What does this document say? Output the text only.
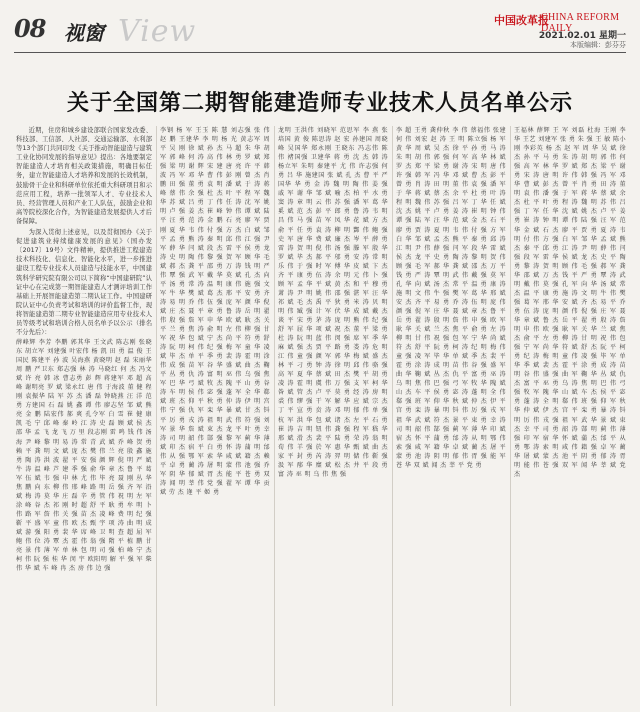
08 视窗 View	中国改革报
CHINA REFORM DAILY
2021.02.01 星期一
本版编辑：彭芬芬
关于全国第二期智能建造师专业技术人员名单公示

近期，住房和城乡建设部联合国家发改委、科技部、工信部、人社部、交通运输部、水利部等13个部门共同印发《关于推动智能建造与建筑工业化协同发展的指导意见》提出：各地要制定智能建造人才培育相关政策措施，明确目标任务，建立智能建造人才培养和发展的长效机制，鼓励骨干企业和科研单位依托重大科研项目和示范应用工程，培养一批领军人才、专业技术人员、经营管理人员和产业工人队伍，鼓励企业和高等院校深化合作，为智能建造发展提供人才后备保障。

为深入贯彻上述意见，以及贯彻国办《关于促进建筑业持续健康发展的意见》（国办发〔2017〕19号）文件精神，提供推进工程建造技术科技化、信息化、智能化水平，进一步推进建设工程专业技术人员建造与技能水平，中国建筑科学研究院有限公司以下简称“中国建研院”认证中心在完成第一期智能建造人才测评培训工作基础上开展智能建造第二期认证工作。中国建研院认证中心负责考试和培训的评价监督工作，现将智能建造第二期专业智能建造应用专业技术人员等级考试和培训合格人员名单予以公示（排名不分先后）：

薛峰辉 李芳 李鹏 郭其华 王文武 陈志刚 张晓东 胡立军 刘建强 叶宏伟 杨 凯 田 勇 温 俊 王国民 陈建平 孙 波 吴海燕 黄晓明 赵 磊 宋丽华 周 鹏 严卫东 郑志强 林 涛 马晓红 何 杰 冯文斌 许 亮 韩 冰 曹志勇 彭 辉 蒋建军 邓 超 高 峰 谢明亮 罗 斌 梁永红 唐 伟 于海波 董 健 程 刚 袁振华 陆 军 苏 杰 潘 磊 钟晓燕 汪 洋 范 勇 方建国 石 磊 姚 鑫 谭 伟 廖志坚 邹 斌 熊 亮 金 鹏 陆宏伟 郝 爽 孔令军 白 雪 崔 健 康 凯 毛 宁 邱 峰 秦 岭 江 涛 史 磊 顾 斌 侯 杰 邵 华 孟 飞 龙 飞 万 里 段志刚 雷 鸣 钱 伟 汤 海 尹 峰 黎 明 易 涛 常 青 武 斌 乔 峰 贺 勇 赖 平 龚 明 文 斌 庞 杰 樊 伟 兰 亮 殷 鑫 施 勇 陶 涛 洪 波 翟 平 安 强 颜 辉 倪 明 严 斌 牛 涛 温 峰 芦 建 季 强 俞 华 章 杰 鲁 平 葛 军 伍 斌 韦 强 申 林 尤 伟 毕 亮 聂 刚 丛 华 焦 鹏 向 东 柳 伟 邢 峰 路 明 岳 强 齐 军 沿 斌 梅 涛 莫 华 庄 磊 辛 勇 管 伟 祝 明 左 军 涂 峰 谷 杰 祁 刚 时 超 舒 平 耿 勇 牟 明 卜 伟 路 军 詹 伟 关 强 苗 杰 凌 峰 费 明 纪 强 靳 平 盛 军 童 伟 欧 杰 甄 宇 项 涛 曲 明 成 斌 游 强 阳 勇 裴 华 席 峰 卫 明 查 超 屈 军 鲍 伟 位 涛 覃 杰 霍 伟 翁 强 隋 平 植 鹏 甘 亮 景 伟 薄 军 单 林 包 明 司 强 柏 峰 宁 杰 柯 伟 阮 强 桂 华 闵 宇 欧阳明 解 平 强 军 柴 伟 华 斌 车 峰 冉 杰 房 伟 边 强
李钢 杨 军 王玉 陈 慧 刘志强 张 伟 赵 鹏 王建华 李 明 杨 光 黄志军 周 平 吴 刚 徐 斌 孙 杰 马 超 朱 华 胡 军 郭 峰 何 涛 高 伟 林 勇 罗 斌 郑 强 梁 明 谢 辉 宋 建 唐 亮 许 平 韩 波 冯 军 邓 华 曹 伟 彭 刚 曾 杰 肖 鹏 田 强 董 勇 袁 明 潘 斌 于 涛 蒋 峰 蔡 伟 余 强 杜 杰 叶 平 程 军 魏 华 苏 斌 吕 勇 丁 伟 任 涛 沈 军 姚 明 卢 强 姜 杰 崔 峰 钟 伟 谭 斌 陆 平 汪 勇 范 涛 金 鹏 石 亮 廖 军 贾 刚 夏 华 韦 伟 付 强 方 杰 白 斌 邹 平 孟 勇 熊 涛 秦 明 邱 伟 江 强 尹 军 薛 华 闫 斌 段 杰 雷 平 侯 勇 龙 涛 史 明 陶 伟 黎 强 贺 军 顾 华 毛 斌 郝 杰 龚 平 邵 勇 万 涛 钱 明 严 伟 覃 强 武 军 戴 华 莫 斌 孔 杰 向 平 汤 勇 常 涛 温 明 康 伟 施 强 文 军 牛 华 樊 斌 葛 杰 邢 平 安 勇 齐 涛 易 明 乔 伟 伍 强 庞 军 颜 华 倪 斌 庄 杰 聂 平 章 勇 鲁 涛 岳 明 翟 伟 殷 强 詹 军 申 华 欧 斌 耿 杰 关 平 兰 勇 焦 涛 俞 明 左 伟 柳 强 甘 军 祝 华 包 斌 宁 杰 尚 平 符 勇 舒 涛 阮 明 柯 伟 纪 强 梅 军 童 华 凌 斌 毕 杰 单 平 季 勇 裴 涛 霍 明 涂 伟 成 强 苗 军 谷 华 盛 斌 曲 杰 鞠 平 丛 勇 仇 涛 富 明 巫 伟 乌 强 焦 军 巴 华 弓 斌 牧 杰 隗 平 山 勇 谷 涛 车 明 侯 伟 宓 强 蓬 军 全 华 郗 斌 班 杰 仰 平 秋 勇 仲 涛 伊 明 宫 伟 宁 强 仇 军 栾 华 暴 斌 甘 杰 钭 平 厉 勇 戎 涛 祖 明 武 伟 符 强 刘 军 景 华 詹 斌 束 杰 龙 平 叶 勇 幸 涛 司 明 韶 伟 郜 强 黎 军 蓟 华 薄 斌 印 杰 宿 平 白 勇 怀 涛 蒲 明 邰 伟 从 强 鄂 军 索 华 咸 斌 籍 杰 赖 平 卓 勇 蔺 涛 屠 明 蒙 伟 池 强 乔 军 阴 华 郁 斌 胥 杰 能 平 苍 勇 双 涛 闻 明 莘 伟 党 强 翟 军 谭 华 贡 斌 劳 杰 逄 平 姬 勇
龙明 王洪伟 刘晓军 范思军 李 燕 张培国 黄 俊 陈思涛 赵 宏 孙建国 周晓峰 吴国华 郑永刚 王晓东 冯志伟 陈 伟 褚国强 卫建华 蒋 勇 沈 杰 韩 涛 杨立军 朱明 秦建平 尤 伟 许志强 何 勇 吕 华 施建国 张 斌 孔 杰 曹 平 严国华 华 勇 金 涛 魏 明 陶 伟 姜 强 戚 军 谢 华 邹 斌 喻 杰 柏 平 水 勇 窦 涛 章 明 云 伟 苏 强 潘 军 葛 华 奚 斌 范 杰 彭 平 郎 勇 鲁 涛 韦 明 昌 伟 马 强 苗 军 凤 华 花 斌 方 杰 俞 平 任 勇 袁 涛 柳 明 酆 伟 鲍 强 史 军 唐 华 费 斌 廉 杰 岑 平 薛 勇 雷 涛 贺 明 倪 伟 汤 强 滕 军 殷 华 罗 斌 毕 杰 郝 平 邬 勇 安 涛 常 明 乐 伟 于 强 时 军 傅 华 皮 斌 卞 杰 齐 平 康 勇 伍 涛 余 明 元 伟 卜 强 顾 军 孟 华 平 斌 黄 杰 和 平 穆 勇 萧 涛 尹 明 姚 伟 邵 强 湛 军 汪 华 祁 斌 毛 杰 禹 平 狄 勇 米 涛 贝 明 明 伟 臧 强 计 军 伏 华 成 斌 戴 杰 谈 平 宋 勇 茅 涛 庞 明 熊 伟 纪 强 舒 军 屈 华 项 斌 祝 杰 董 平 梁 勇 杜 涛 阮 明 蓝 伟 闵 强 席 军 季 华 麻 斌 强 杰 贾 平 路 勇 娄 涛 危 明 江 伟 童 强 颜 军 郭 华 梅 斌 盛 杰 林 平 刁 勇 钟 涛 徐 明 邱 伟 骆 强 高 军 夏 华 蔡 斌 田 杰 樊 平 胡 勇 凌 涛 霍 明 虞 伟 万 强 支 军 柯 华 昝 斌 管 杰 卢 平 莫 勇 经 涛 房 明 裘 伟 缪 强 干 军 解 华 应 斌 宗 杰 丁 平 宣 勇 贲 涛 邓 明 郁 伟 单 强 杭 军 洪 华 包 斌 诸 杰 左 平 石 勇 崔 涛 吉 明 钮 伟 龚 强 程 军 嵇 华 邢 斌 滑 杰 裴 平 陆 勇 荣 涛 翁 明 荀 伟 羊 强 於 军 惠 华 甄 斌 曲 杰 家 平 封 勇 芮 涛 羿 明 储 伟 靳 强 汲 军 邴 华 糜 斌 松 杰 井 平 段 勇 富 涛 巫 明 乌 伟 焦 强
李 超 王勇 龚仲秋 李 伟 蔡福伟 张建 何 伟 刘宏 赵 涛 王 明 陈立强 杨 军 黄 华 周 斌 吴 杰 徐 平 孙 勇 马 涛 朱 明 胡 伟 郭 强 何 军 高 华 林 斌 罗 杰 郑 平 梁 勇 谢 涛 宋 明 唐 伟 许 强 韩 军 冯 华 邓 斌 曹 杰 彭 平 曾 勇 肖 涛 田 明 董 伟 袁 强 潘 军 于 华 蒋 斌 蔡 杰 余 平 杜 勇 叶 涛 程 明 魏 伟 苏 强 吕 军 丁 华 任 斌 沈 杰 姚 平 卢 勇 姜 涛 崔 明 钟 伟 谭 强 陆 军 汪 华 范 斌 金 杰 石 平 廖 勇 贾 涛 夏 明 韦 伟 付 强 方 军 白 华 邹 斌 孟 杰 熊 平 秦 勇 邱 涛 江 明 尹 伟 薛 强 闫 军 段 华 雷 斌 侯 杰 龙 平 史 勇 陶 涛 黎 明 贺 伟 顾 强 毛 军 郝 华 龚 斌 邵 杰 万 平 钱 勇 严 涛 覃 明 武 伟 戴 强 莫 军 孔 华 向 斌 汤 杰 常 平 温 勇 康 涛 施 明 文 伟 牛 强 樊 军 葛 华 邢 斌 安 杰 齐 平 易 勇 乔 涛 伍 明 庞 伟 颜 强 倪 军 庄 华 聂 斌 章 杰 鲁 平 岳 勇 翟 涛 殷 明 詹 伟 申 强 欧 军 耿 华 关 斌 兰 杰 焦 平 俞 勇 左 涛 柳 明 甘 伟 祝 强 包 军 宁 华 尚 斌 符 杰 舒 平 阮 勇 柯 涛 纪 明 梅 伟 童 强 凌 军 毕 华 单 斌 季 杰 裴 平 霍 勇 涂 涛 成 明 苗 伟 谷 强 盛 军 曲 华 鞠 斌 丛 杰 仇 平 富 勇 巫 涛 乌 明 焦 伟 巴 强 弓 军 牧 华 隗 斌 山 杰 车 平 侯 勇 宓 涛 蓬 明 全 伟 郗 强 班 军 仰 华 秋 斌 仲 杰 伊 平 宫 勇 栾 涛 暴 明 钭 伟 厉 强 戎 军 祖 华 武 斌 符 杰 景 平 束 勇 幸 涛 司 明 韶 伟 郜 强 蓟 军 薄 华 印 斌 宿 杰 怀 平 蒲 勇 邰 涛 从 明 鄂 伟 索 强 咸 军 籍 华 卓 斌 蔺 杰 屠 平 蒙 勇 池 涛 阴 明 郁 伟 胥 强 能 军 苍 华 双 斌 闻 杰 莘 平 党 勇
王福林 薛辉 王 军 刘磊 杜海 王刚 李华 王艺 刘建军 张 勇 朱 强 王 敏 陈小刚 李彩英 杨 杰 赵 军 周 华 吴 斌 徐 杰 孙 平 马 勇 朱 涛 胡 明 郭 伟 何 强 高 军 林 华 罗 斌 郑 杰 梁 平 谢 勇 宋 涛 唐 明 许 伟 韩 强 冯 军 邓 华 曹 斌 彭 杰 曾 平 肖 勇 田 涛 董 明 袁 伟 潘 强 于 军 蒋 华 蔡 斌 余 杰 杜 平 叶 勇 程 涛 魏 明 苏 伟 吕 强 丁 军 任 华 沈 斌 姚 杰 卢 平 姜 勇 崔 涛 钟 明 谭 伟 陆 强 汪 军 范 华 金 斌 石 杰 廖 平 贾 勇 夏 涛 韦 明 付 伟 方 强 白 军 邹 华 孟 斌 熊 杰 秦 平 邱 勇 江 涛 尹 明 薛 伟 闫 强 段 军 雷 华 侯 斌 龙 杰 史 平 陶 勇 黎 涛 贺 明 顾 伟 毛 强 郝 军 龚 华 邵 斌 万 杰 钱 平 严 勇 覃 涛 武 明 戴 伟 莫 强 孔 军 向 华 汤 斌 常 杰 温 平 康 勇 施 涛 文 明 牛 伟 樊 强 葛 军 邢 华 安 斌 齐 杰 易 平 乔 勇 伍 涛 庞 明 颜 伟 倪 强 庄 军 聂 华 章 斌 鲁 杰 岳 平 翟 勇 殷 涛 詹 明 申 伟 欧 强 耿 军 关 华 兰 斌 焦 杰 俞 平 左 勇 柳 涛 甘 明 祝 伟 包 强 宁 军 尚 华 符 斌 舒 杰 阮 平 柯 勇 纪 涛 梅 明 童 伟 凌 强 毕 军 单 华 季 斌 裴 杰 霍 平 涂 勇 成 涛 苗 明 谷 伟 盛 强 曲 军 鞠 华 丛 斌 仇 杰 富 平 巫 勇 乌 涛 焦 明 巴 伟 弓 强 牧 军 隗 华 山 斌 车 杰 侯 平 宓 勇 蓬 涛 全 明 郗 伟 班 强 仰 军 秋 华 仲 斌 伊 杰 宫 平 栾 勇 暴 涛 钭 明 厉 伟 戎 强 祖 军 武 华 景 斌 束 杰 幸 平 司 勇 韶 涛 郜 明 蓟 伟 薄 强 印 军 宿 华 怀 斌 蒲 杰 邰 平 从 勇 鄂 涛 索 明 咸 伟 籍 强 卓 军 蔺 华 屠 斌 蒙 杰 池 平 阴 勇 郁 涛 胥 明 能 伟 苍 强 双 军 闻 华 莘 斌 党 杰
